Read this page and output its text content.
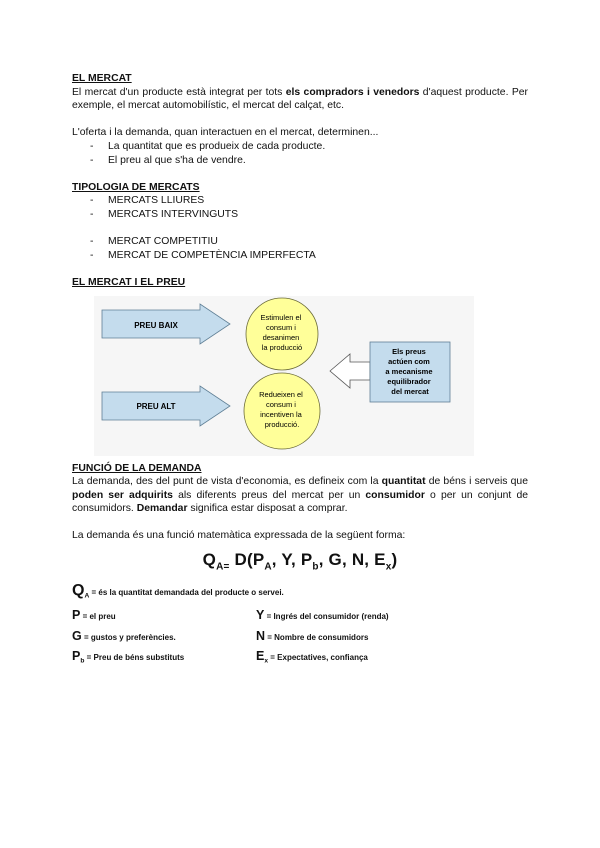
EL MERCAT

El mercat d'un producte està integrat per tots els compradors i venedors d'aquest producte. Per exemple, el mercat automobilístic, el mercat del calçat, etc.

L'oferta i la demanda, quan interactuen en el mercat, determinen...

- La quantitat que es produeix de cada producte.
- El preu al que s'ha de vendre.

TIPOLOGIA DE MERCATS

- MERCATS LLIURES
- MERCATS INTERVINGUTS
- MERCAT COMPETITIU
- MERCAT DE COMPETÈNCIA IMPERFECTA

EL MERCAT I EL PREU

PREU BAIX
PREU ALT
Estimulen el consum i desanimen la producció
Redueixen el consum i incentiven la producció.
Els preus actúen com a mecanisme equilibrador del mercat

FUNCIÓ DE LA DEMANDA

La demanda, des del punt de vista d'economia, es defineix com la quantitat de béns i serveis que poden ser adquirits als diferents preus del mercat per un consumidor o per un conjunt de consumidors. Demandar significa estar disposat a comprar.

La demanda és una funció matemàtica expressada de la següent forma:

$Q_{A=}$ $D(P_A$, Y, $P_b$, G, N, $E_x$)
$Q_A$ = és la quantitat demandada del producte o servei.
P = el preu	Y = Ingrés del consumidor (renda)
G = gustos y preferències.	N = Nombre de consumidors
$P_b$ = Preu de béns substituts	$E_x$ = Expectatives, confiança
